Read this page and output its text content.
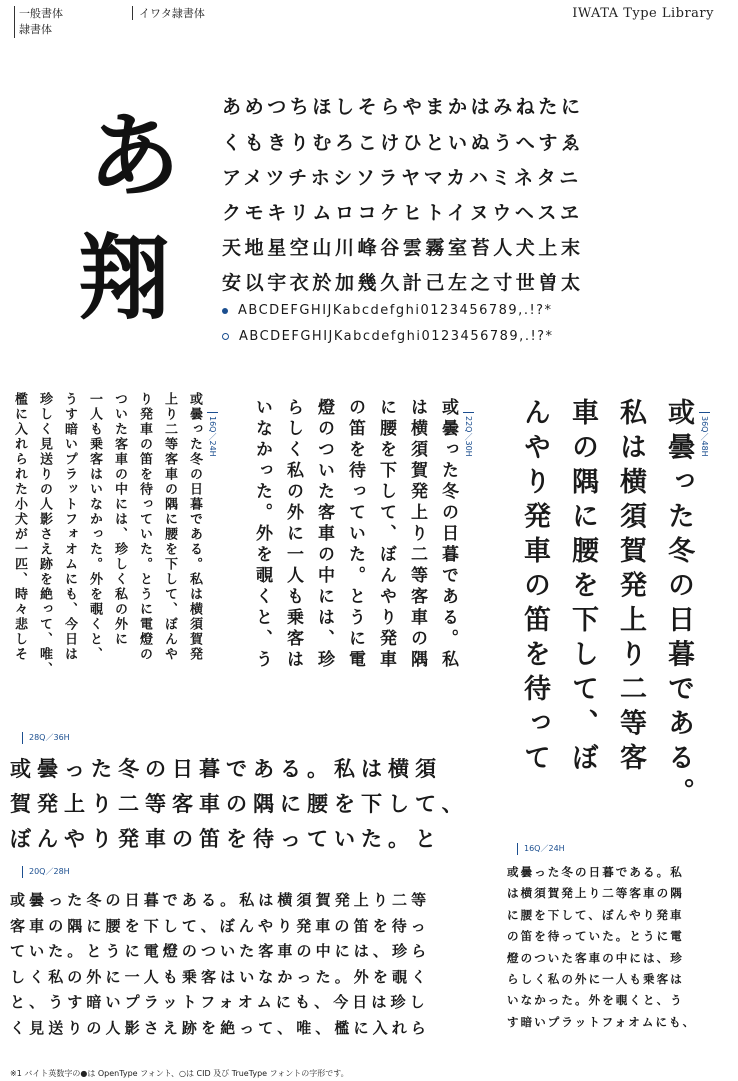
一般書体
隷書体
イワタ隷書体	IWATA Type Library
あ
翔
あめつちほしそらやまかはみねたに
くもきりむろこけひといぬうへすゑ
アメツチホシソラヤマカハミネタニ
クモキリムロコケヒトイヌウヘスヱ
天地星空山川峰谷雲霧室苔人犬上末
安以宇衣於加幾久計己左之寸世曽太
ABCDEFGHIJKabcdefghi0123456789,.!?*
ABCDEFGHIJKabcdefghi0123456789,.!?*
16Q／24H
或曇った冬の日暮である。私は横須賀発
上り二等客車の隅に腰を下して、ぼんや
り発車の笛を待っていた。とうに電燈の
ついた客車の中には、珍しく私の外に
一人も乗客はいなかった。外を覗くと、
うす暗いプラットフォオムにも、今日は
珍しく見送りの人影さえ跡を絶って、唯、
檻に入れられた小犬が一匹、時々悲しそ	22Q／30H
或曇った冬の日暮である。私
は横須賀発上り二等客車の隅
に腰を下して、ぼんやり発車
の笛を待っていた。とうに電
燈のついた客車の中には、珍
らしく私の外に一人も乗客は
いなかった。外を覗くと、う	36Q／48H
或曇った冬の日暮である。
私は横須賀発上り二等客
車の隅に腰を下して、ぼ
んやり発車の笛を待って
28Q／36H
或曇った冬の日暮である。私は横須
賀発上り二等客車の隅に腰を下して、
ぼんやり発車の笛を待っていた。と
20Q／28H
或曇った冬の日暮である。私は横須賀発上り二等
客車の隅に腰を下して、ぼんやり発車の笛を待っ
ていた。とうに電燈のついた客車の中には、珍ら
しく私の外に一人も乗客はいなかった。外を覗く
と、うす暗いプラットフォオムにも、今日は珍し
く見送りの人影さえ跡を絶って、唯、檻に入れら
16Q／24H
或曇った冬の日暮である。私
は横須賀発上り二等客車の隅
に腰を下して、ぼんやり発車
の笛を待っていた。とうに電
燈のついた客車の中には、珍
らしく私の外に一人も乗客は
いなかった。外を覗くと、う
す暗いプラットフォオムにも、
※1 バイト英数字の●は OpenType フォント、○は CID 及び TrueType フォントの字形です。
